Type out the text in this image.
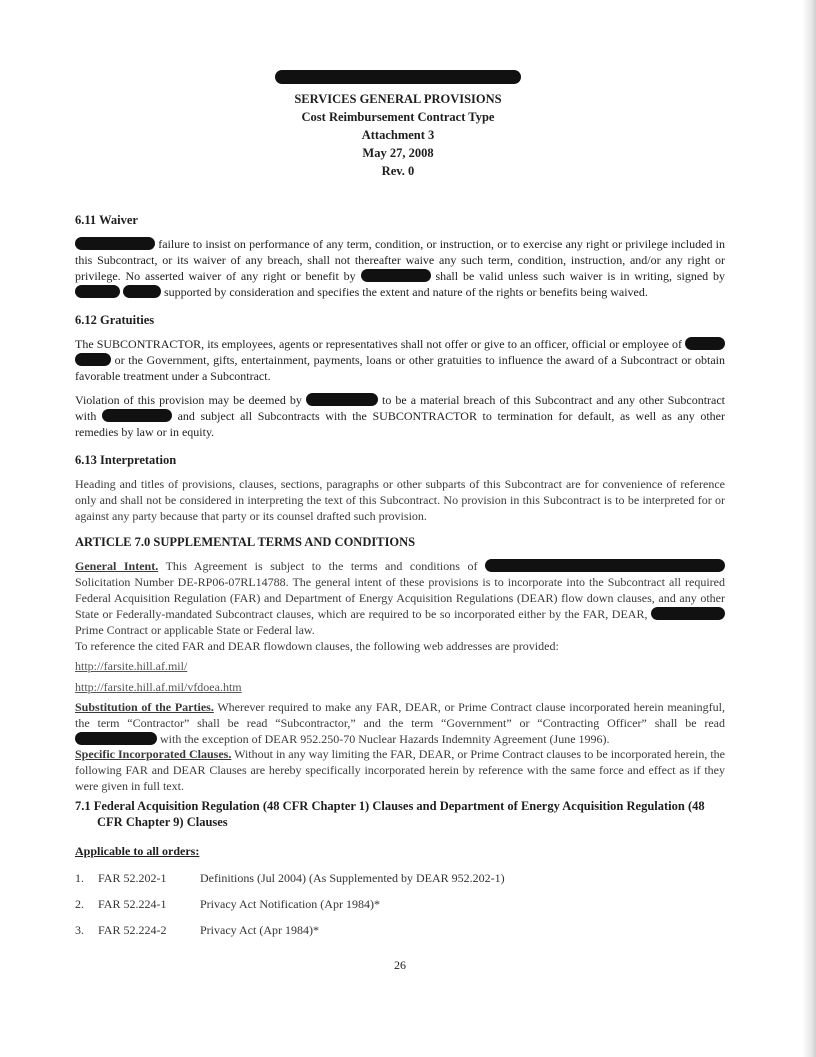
SERVICES GENERAL PROVISIONS
Cost Reimbursement Contract Type
Attachment 3
May 27, 2008
Rev. 0
6.11 Waiver
failure to insist on performance of any term, condition, or instruction, or to exercise any right or privilege included in this Subcontract, or its waiver of any breach, shall not thereafter waive any such term, condition, instruction, and/or any right or privilege. No asserted waiver of any right or benefit by	shall be valid unless such waiver is in writing, signed by   supported by consideration and specifies the extent and nature of the rights or benefits being waived.
6.12 Gratuities
The SUBCONTRACTOR, its employees, agents or representatives shall not offer or give to an officer, official or employee of   or the Government, gifts, entertainment, payments, loans or other gratuities to influence the award of a Subcontract or obtain favorable treatment under a Subcontract.
Violation of this provision may be deemed by	to be a material breach of this Subcontract and any other Subcontract with	and subject all Subcontracts with the SUBCONTRACTOR to termination for default, as well as any other remedies by law or in equity.
6.13 Interpretation
Heading and titles of provisions, clauses, sections, paragraphs or other subparts of this Subcontract are for convenience of reference only and shall not be considered in interpreting the text of this Subcontract. No provision in this Subcontract is to be interpreted for or against any party because that party or its counsel drafted such provision.
ARTICLE 7.0 SUPPLEMENTAL TERMS AND CONDITIONS
General Intent. This Agreement is subject to the terms and conditions of  Solicitation Number DE-RP06-07RL14788. The general intent of these provisions is to incorporate into the Subcontract all required Federal Acquisition Regulation (FAR) and Department of Energy Acquisition Regulations (DEAR) flow down clauses, and any other State or Federally-mandated Subcontract clauses, which are required to be so incorporated either by the FAR, DEAR,  Prime Contract or applicable State or Federal law.
To reference the cited FAR and DEAR flowdown clauses, the following web addresses are provided:
http://farsite.hill.af.mil/
http://farsite.hill.af.mil/vfdoea.htm
Substitution of the Parties. Wherever required to make any FAR, DEAR, or Prime Contract clause incorporated herein meaningful, the term “Contractor” shall be read “Subcontractor,” and the term “Government” or “Contracting Officer” shall be read  with the exception of DEAR 952.250-70 Nuclear Hazards Indemnity Agreement (June 1996).
Specific Incorporated Clauses. Without in any way limiting the FAR, DEAR, or Prime Contract clauses to be incorporated herein, the following FAR and DEAR Clauses are hereby specifically incorporated herein by reference with the same force and effect as if they were given in full text.
7.1 Federal Acquisition Regulation (48 CFR Chapter 1) Clauses and Department of Energy Acquisition Regulation (48
CFR Chapter 9) Clauses
Applicable to all orders:
1. FAR 52.202-1	Definitions (Jul 2004) (As Supplemented by DEAR 952.202-1)
2. FAR 52.224-1	Privacy Act Notification (Apr 1984)*
3. FAR 52.224-2	Privacy Act (Apr 1984)*
26
